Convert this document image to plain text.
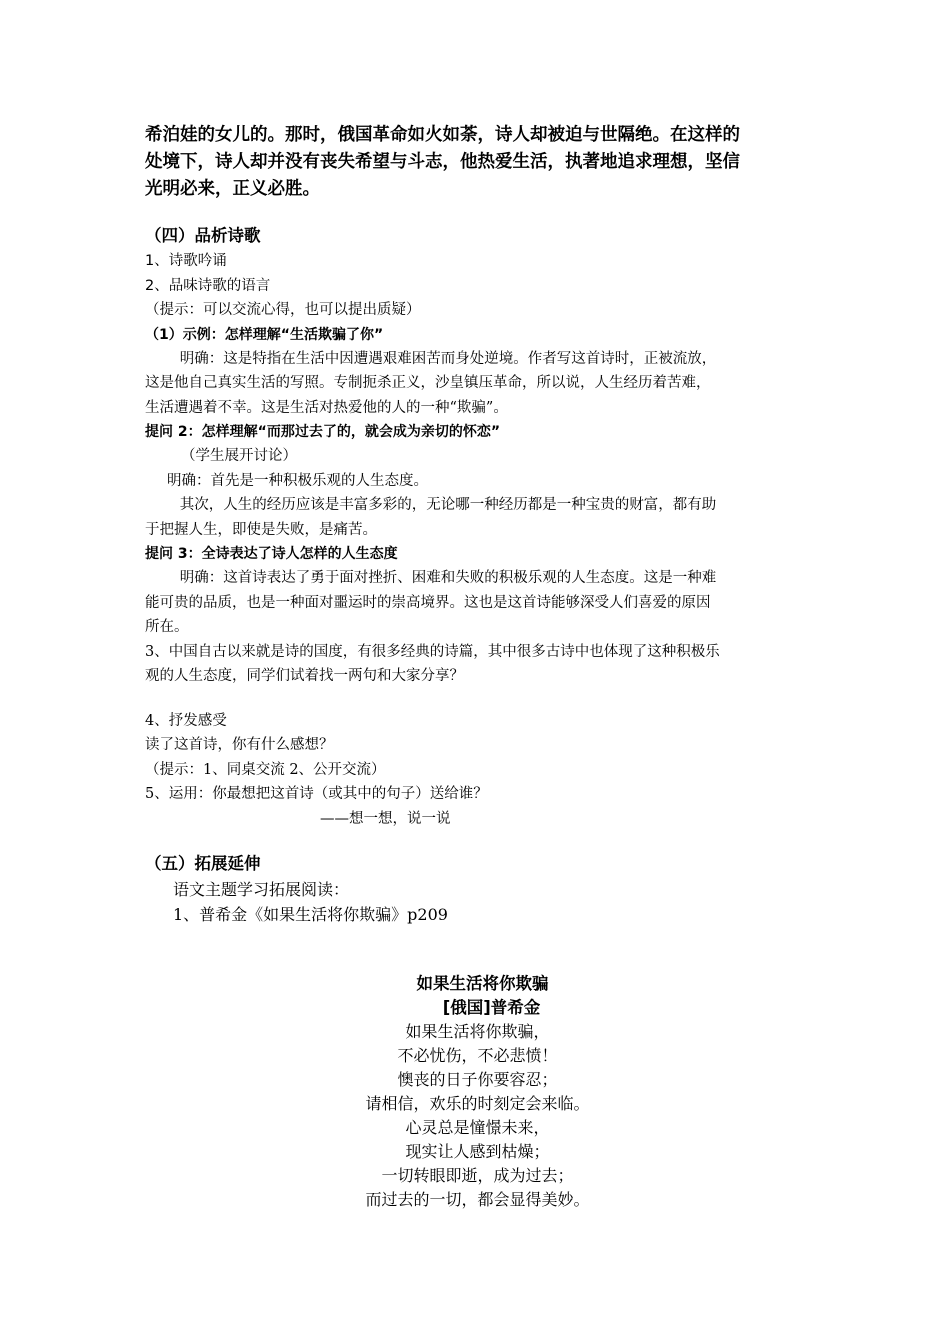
希泊娃的女儿的。那时，俄国革命如火如荼，诗人却被迫与世隔绝。在这样的

处境下，诗人却并没有丧失希望与斗志，他热爱生活，执著地追求理想，坚信

光明必来，正义必胜。

（四）品析诗歌

1、诗歌吟诵

2、品味诗歌的语言

（提示：可以交流心得，也可以提出质疑）

（1）示例：怎样理解“生活欺骗了你”

明确：这是特指在生活中因遭遇艰难困苦而身处逆境。作者写这首诗时，正被流放，

这是他自己真实生活的写照。专制扼杀正义，沙皇镇压革命，所以说，人生经历着苦难，

生活遭遇着不幸。这是生活对热爱他的人的一种“欺骗”。

提问 2：怎样理解“而那过去了的，就会成为亲切的怀恋”

（学生展开讨论）

明确：首先是一种积极乐观的人生态度。

其次，人生的经历应该是丰富多彩的，无论哪一种经历都是一种宝贵的财富，都有助

于把握人生，即使是失败，是痛苦。

提问 3：全诗表达了诗人怎样的人生态度

明确：这首诗表达了勇于面对挫折、困难和失败的积极乐观的人生态度。这是一种难

能可贵的品质，也是一种面对噩运时的崇高境界。这也是这首诗能够深受人们喜爱的原因

所在。

3、中国自古以来就是诗的国度，有很多经典的诗篇，其中很多古诗中也体现了这种积极乐

观的人生态度，同学们试着找一两句和大家分享？

4、抒发感受

读了这首诗，你有什么感想？

（提示：1、同桌交流 2、公开交流）

5、运用：你最想把这首诗（或其中的句子）送给谁？

——想一想，说一说

（五）拓展延伸

语文主题学习拓展阅读：

1、普希金《如果生活将你欺骗》p209

如果生活将你欺骗

[俄国]普希金

如果生活将你欺骗，

不必忧伤，不必悲愤！

懊丧的日子你要容忍；

请相信，欢乐的时刻定会来临。

心灵总是憧憬未来，

现实让人感到枯燥；

一切转眼即逝，成为过去；

而过去的一切，都会显得美妙。
